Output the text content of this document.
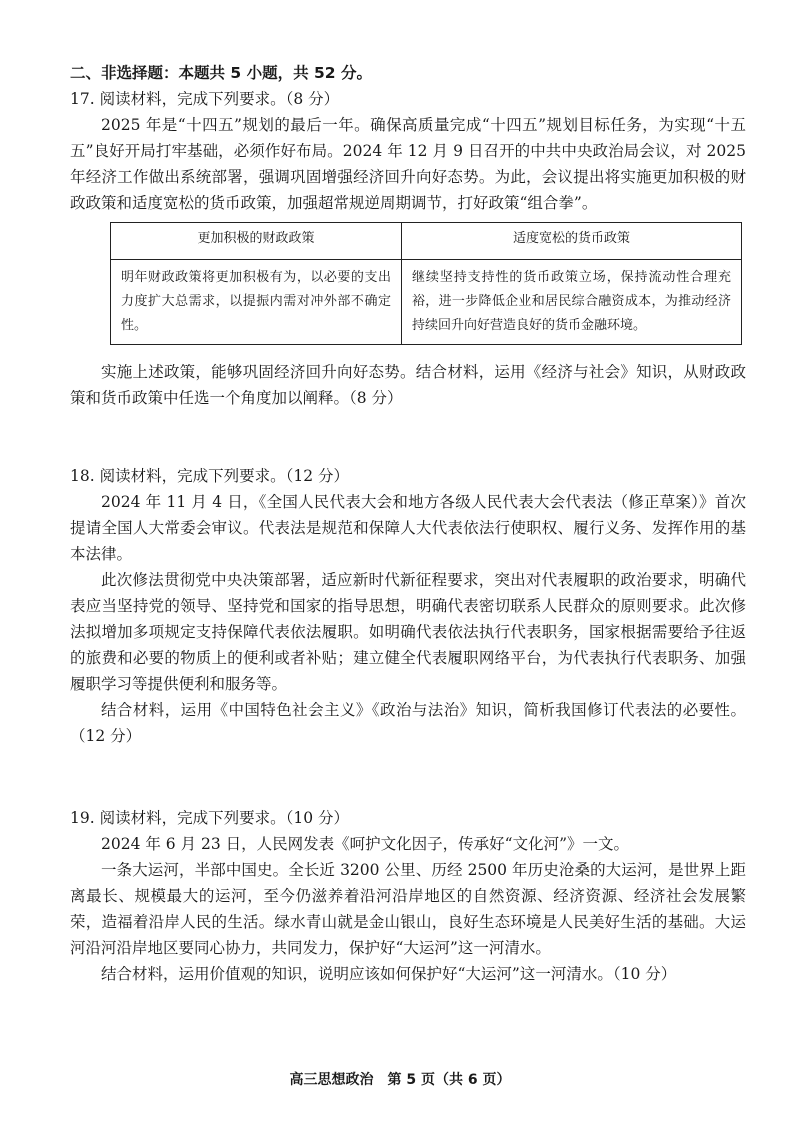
二、非选择题：本题共 5 小题，共 52 分。

17. 阅读材料，完成下列要求。（8 分）

2025 年是“十四五”规划的最后一年。确保高质量完成“十四五”规划目标任务，为实现“十五五”良好开局打牢基础，必须作好布局。2024 年 12 月 9 日召开的中共中央政治局会议，对 2025 年经济工作做出系统部署，强调巩固增强经济回升向好态势。为此，会议提出将实施更加积极的财政政策和适度宽松的货币政策，加强超常规逆周期调节，打好政策“组合拳”。

更加积极的财政政策	适度宽松的货币政策
明年财政政策将更加积极有为，以必要的支出力度扩大总需求，以提振内需对冲外部不确定性。	继续坚持支持性的货币政策立场，保持流动性合理充裕，进一步降低企业和居民综合融资成本，为推动经济持续回升向好营造良好的货币金融环境。

实施上述政策，能够巩固经济回升向好态势。结合材料，运用《经济与社会》知识，从财政政策和货币政策中任选一个角度加以阐释。（8 分）

18. 阅读材料，完成下列要求。（12 分）

2024 年 11 月 4 日，《全国人民代表大会和地方各级人民代表大会代表法（修正草案）》首次提请全国人大常委会审议。代表法是规范和保障人大代表依法行使职权、履行义务、发挥作用的基本法律。

此次修法贯彻党中央决策部署，适应新时代新征程要求，突出对代表履职的政治要求，明确代表应当坚持党的领导、坚持党和国家的指导思想，明确代表密切联系人民群众的原则要求。此次修法拟增加多项规定支持保障代表依法履职。如明确代表依法执行代表职务，国家根据需要给予往返的旅费和必要的物质上的便利或者补贴；建立健全代表履职网络平台，为代表执行代表职务、加强履职学习等提供便利和服务等。

结合材料，运用《中国特色社会主义》《政治与法治》知识，简析我国修订代表法的必要性。（12 分）

19. 阅读材料，完成下列要求。（10 分）

2024 年 6 月 23 日，人民网发表《呵护文化因子，传承好“文化河”》一文。

一条大运河，半部中国史。全长近 3200 公里、历经 2500 年历史沧桑的大运河，是世界上距离最长、规模最大的运河，至今仍滋养着沿河沿岸地区的自然资源、经济资源、经济社会发展繁荣，造福着沿岸人民的生活。绿水青山就是金山银山，良好生态环境是人民美好生活的基础。大运河沿河沿岸地区要同心协力，共同发力，保护好“大运河”这一河清水。

结合材料，运用价值观的知识，说明应该如何保护好“大运河”这一河清水。（10 分）

高三思想政治　第 5 页（共 6 页）
